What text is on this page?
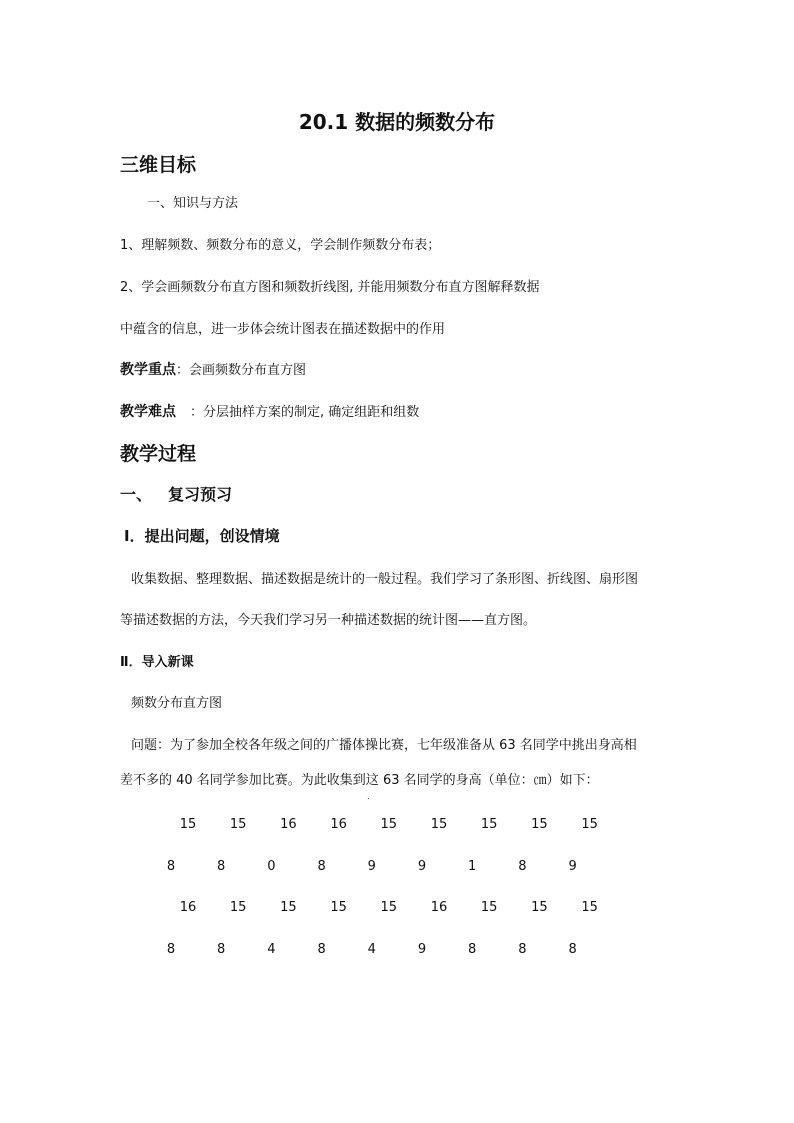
20.1 数据的频数分布
三维目标
一、知识与方法
1、理解频数、频数分布的意义，学会制作频数分布表；
2、学会画频数分布直方图和频数折线图, 并能用频数分布直方图解释数据
中蕴含的信息，进一步体会统计图表在描述数据中的作用
教学重点：会画频数分布直方图
教学难点 ：分层抽样方案的制定, 确定组距和组数
教学过程
一、 复习预习
Ⅰ．提出问题，创设情境
收集数据、整理数据、描述数据是统计的一般过程。我们学习了条形图、折线图、扇形图
等描述数据的方法，今天我们学习另一种描述数据的统计图——直方图。
Ⅱ．导入新课
频数分布直方图
问题：为了参加全校各年级之间的广播体操比赛，七年级准备从 63 名同学中挑出身高相
差不多的 40 名同学参加比赛。为此收集到这 63 名同学的身高（单位：㎝）如下：
.
15	15	16	16	15	15	15	15	15
8	8	0	8	9	9	1	8	9
16	15	15	15	15	16	15	15	15
8	8	4	8	4	9	8	8	8
